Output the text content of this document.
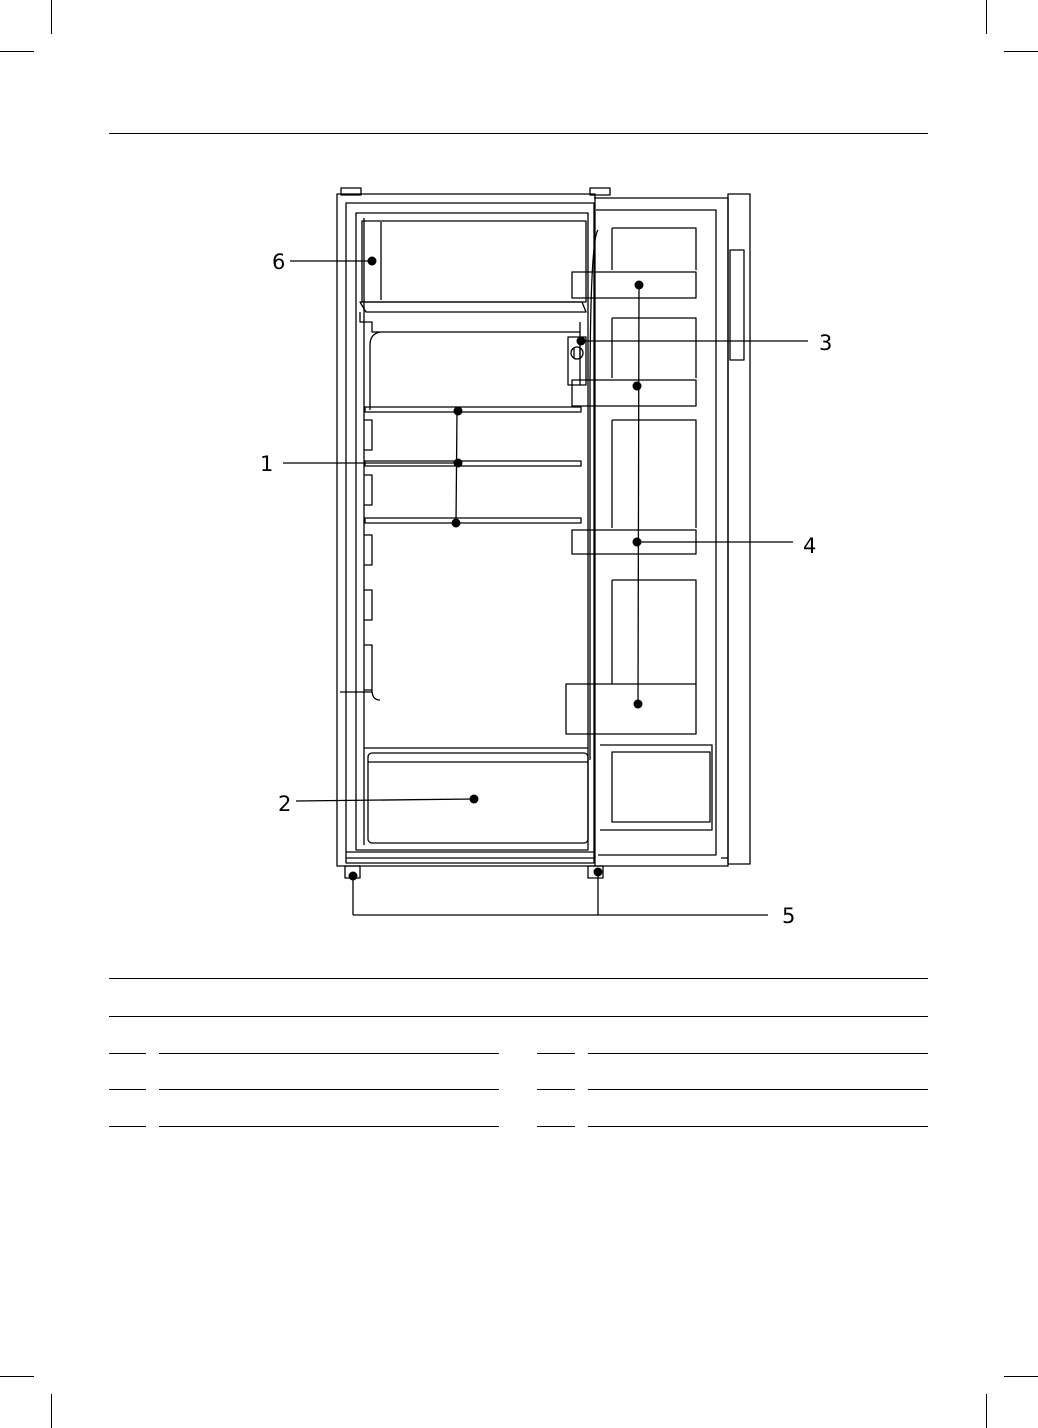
6
3
1
4
2
5
